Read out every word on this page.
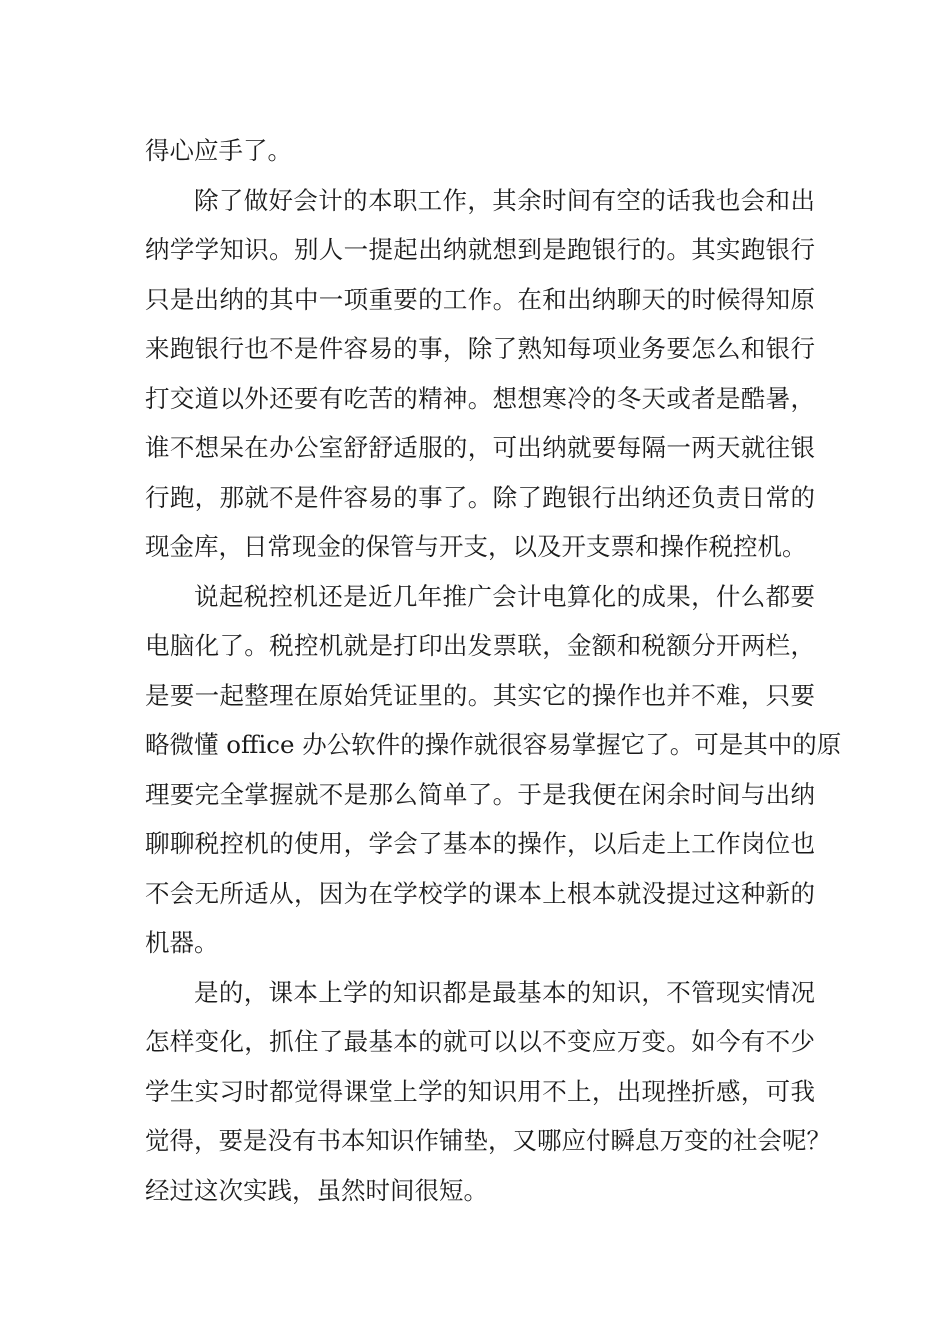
得心应手了。
除了做好会计的本职工作，其余时间有空的话我也会和出
纳学学知识。别人一提起出纳就想到是跑银行的。其实跑银行
只是出纳的其中一项重要的工作。在和出纳聊天的时候得知原
来跑银行也不是件容易的事，除了熟知每项业务要怎么和银行
打交道以外还要有吃苦的精神。想想寒冷的冬天或者是酷暑，
谁不想呆在办公室舒舒适服的，可出纳就要每隔一两天就往银
行跑，那就不是件容易的事了。除了跑银行出纳还负责日常的
现金库，日常现金的保管与开支，以及开支票和操作税控机。
说起税控机还是近几年推广会计电算化的成果，什么都要
电脑化了。税控机就是打印出发票联，金额和税额分开两栏，
是要一起整理在原始凭证里的。其实它的操作也并不难，只要
略微懂 office 办公软件的操作就很容易掌握它了。可是其中的原
理要完全掌握就不是那么简单了。于是我便在闲余时间与出纳
聊聊税控机的使用，学会了基本的操作，以后走上工作岗位也
不会无所适从，因为在学校学的课本上根本就没提过这种新的
机器。
是的，课本上学的知识都是最基本的知识，不管现实情况
怎样变化，抓住了最基本的就可以以不变应万变。如今有不少
学生实习时都觉得课堂上学的知识用不上，出现挫折感，可我
觉得，要是没有书本知识作铺垫，又哪应付瞬息万变的社会呢？
经过这次实践，虽然时间很短。
